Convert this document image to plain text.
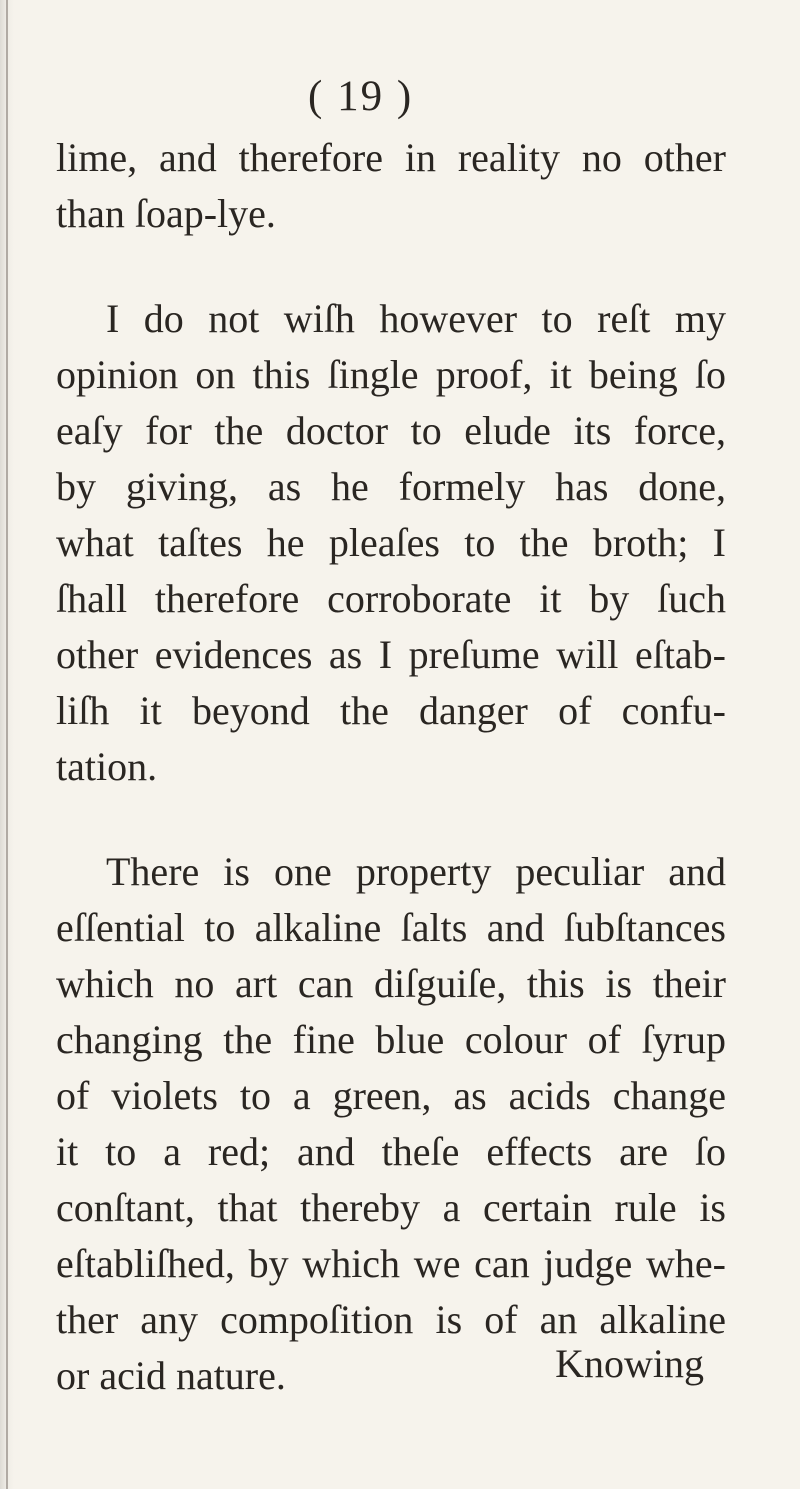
( 19 )
lime, and therefore in reality no other
than ſoap-lye.
I do not wiſh however to reſt my
opinion on this ſingle proof, it being ſo
eaſy for the doctor to elude its force,
by giving, as he formely has done,
what taſtes he pleaſes to the broth; I
ſhall therefore corroborate it by ſuch
other evidences as I preſume will eſtab-
liſh it beyond the danger of confu-
tation.
There is one property peculiar and
eſſential to alkaline ſalts and ſubſtances
which no art can diſguiſe, this is their
changing the fine blue colour of ſyrup
of violets to a green, as acids change
it to a red; and theſe effects are ſo
conſtant, that thereby a certain rule is
eſtabliſhed, by which we can judge whe-
ther any compoſition is of an alkaline
or acid nature.	Knowing
